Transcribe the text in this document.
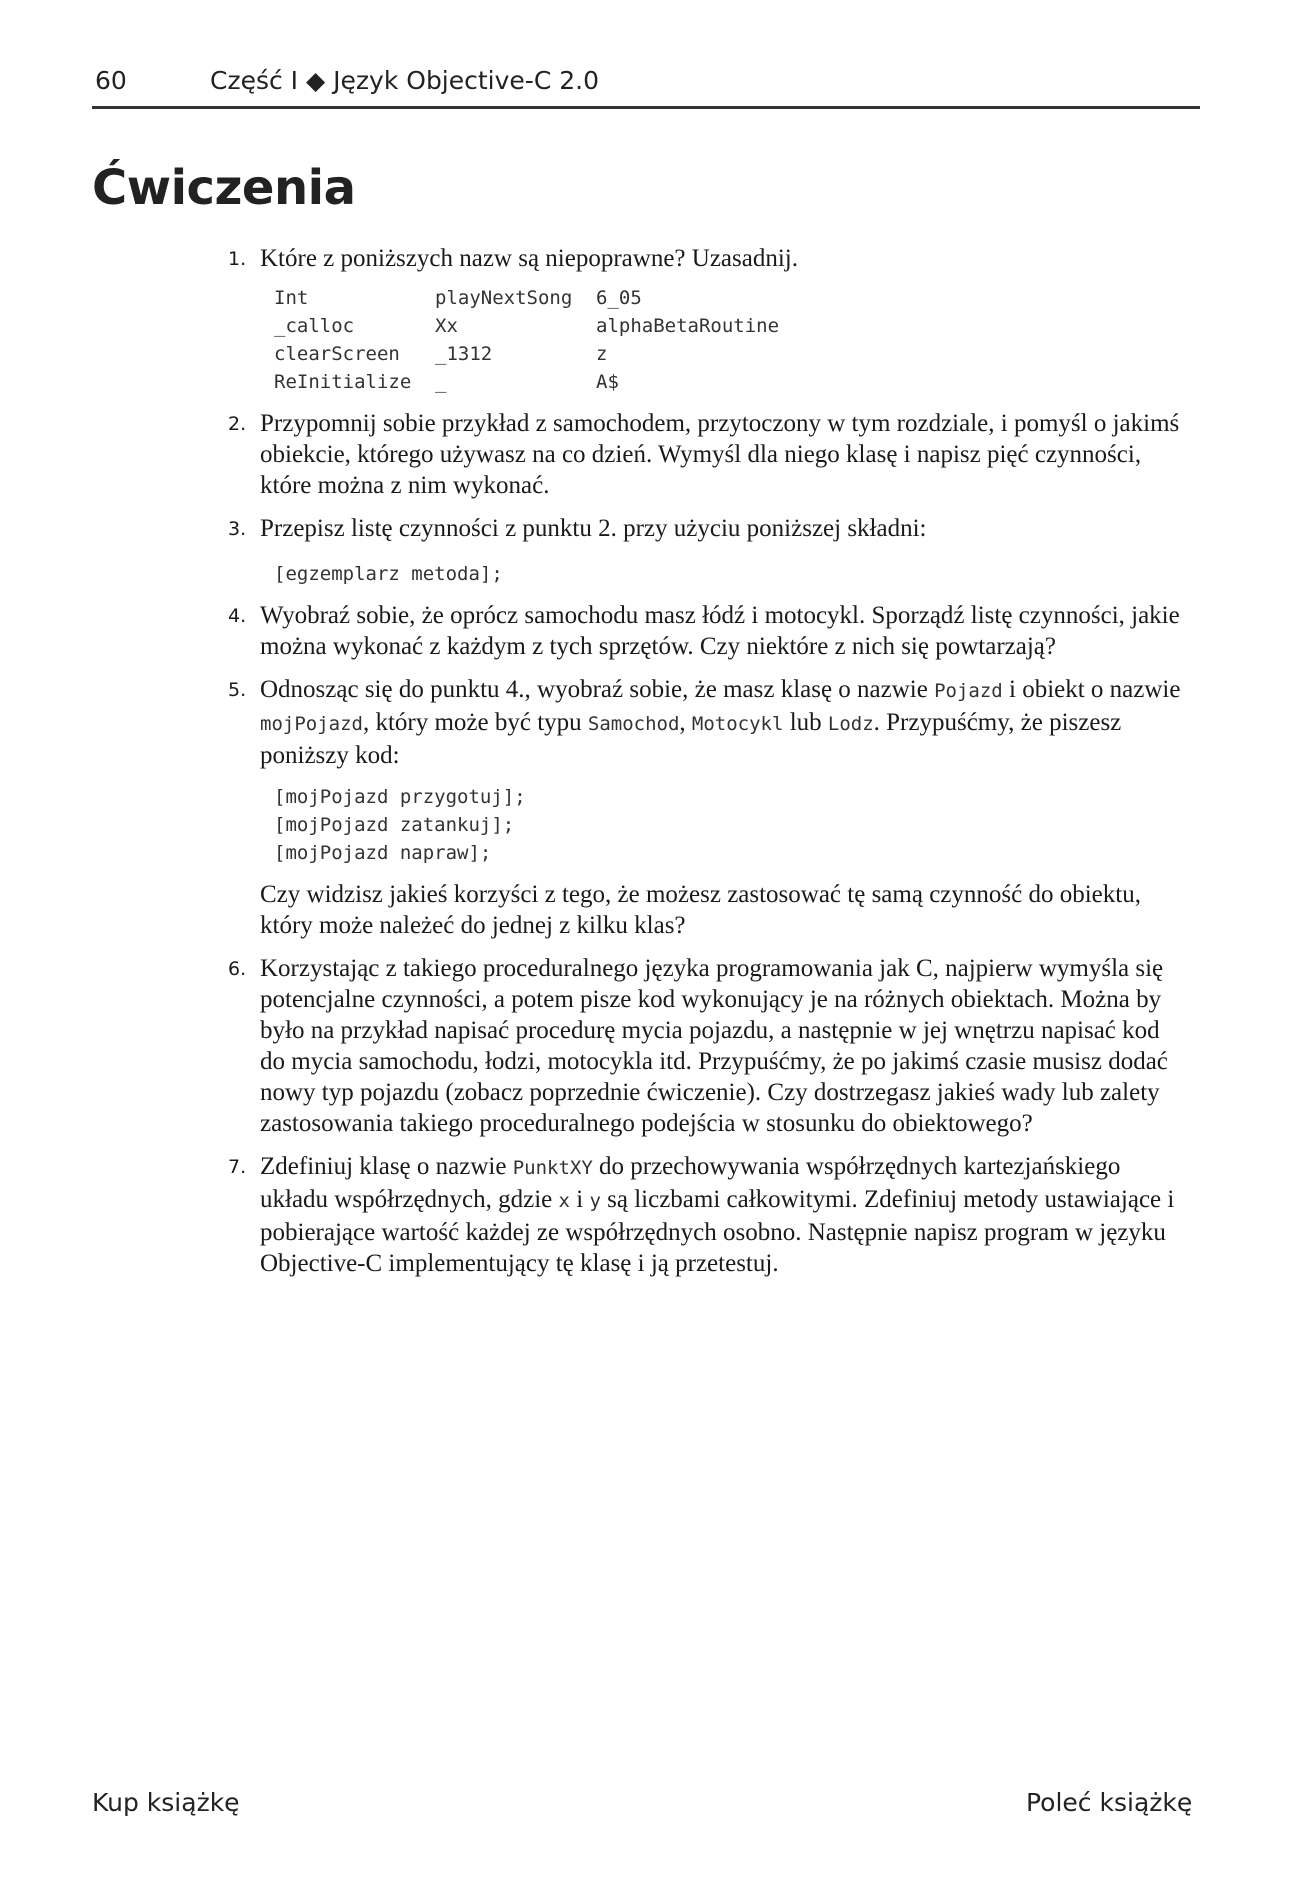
60	Część I ◆ Język Objective-C 2.0
Ćwiczenia
1 . Które z poniższych nazw są niepoprawne? Uzasadnij.

Int	playNextSong	6_05
_calloc	Xx	alphaBetaRoutine
clearScreen	_1312	z
ReInitialize	_	A$
2 . Przypomnij sobie przykład z samochodem, przytoczony w tym rozdziale, i pomyśl o jakimś obiekcie, którego używasz na co dzień. Wymyśl dla niego klasę i napisz pięć czynności, które można z nim wykonać.

3 . Przepisz listę czynności z punktu 2. przy użyciu poniższej składni:

[egzemplarz metoda];
4 . Wyobraź sobie, że oprócz samochodu masz łódź i motocykl. Sporządź listę czynności, jakie można wykonać z każdym z tych sprzętów. Czy niektóre z nich się powtarzają?

5 . Odnosząc się do punktu 4., wyobraź sobie, że masz klasę o nazwie Pojazd i obiekt o nazwie mojPojazd, który może być typu Samochod, Motocykl lub Lodz. Przypuśćmy, że piszesz poniższy kod:

[mojPojazd przygotuj];
[mojPojazd zatankuj];
[mojPojazd napraw];

Czy widzisz jakieś korzyści z tego, że możesz zastosować tę samą czynność do obiektu, który może należeć do jednej z kilku klas?

6 . Korzystając z takiego proceduralnego języka programowania jak C, najpierw wymyśla się potencjalne czynności, a potem pisze kod wykonujący je na różnych obiektach. Można by było na przykład napisać procedurę mycia pojazdu, a następnie w jej wnętrzu napisać kod do mycia samochodu, łodzi, motocykla itd. Przypuśćmy, że po jakimś czasie musisz dodać nowy typ pojazdu (zobacz poprzednie ćwiczenie). Czy dostrzegasz jakieś wady lub zalety zastosowania takiego proceduralnego podejścia w stosunku do obiektowego?

7 . Zdefiniuj klasę o nazwie PunktXY do przechowywania współrzędnych kartezjańskiego układu współrzędnych, gdzie x i y są liczbami całkowitymi. Zdefiniuj metody ustawiające i pobierające wartość każdej ze współrzędnych osobno. Następnie napisz program w języku Objective-C implementujący tę klasę i ją przetestuj.

Kup książkę	Poleć książkę
